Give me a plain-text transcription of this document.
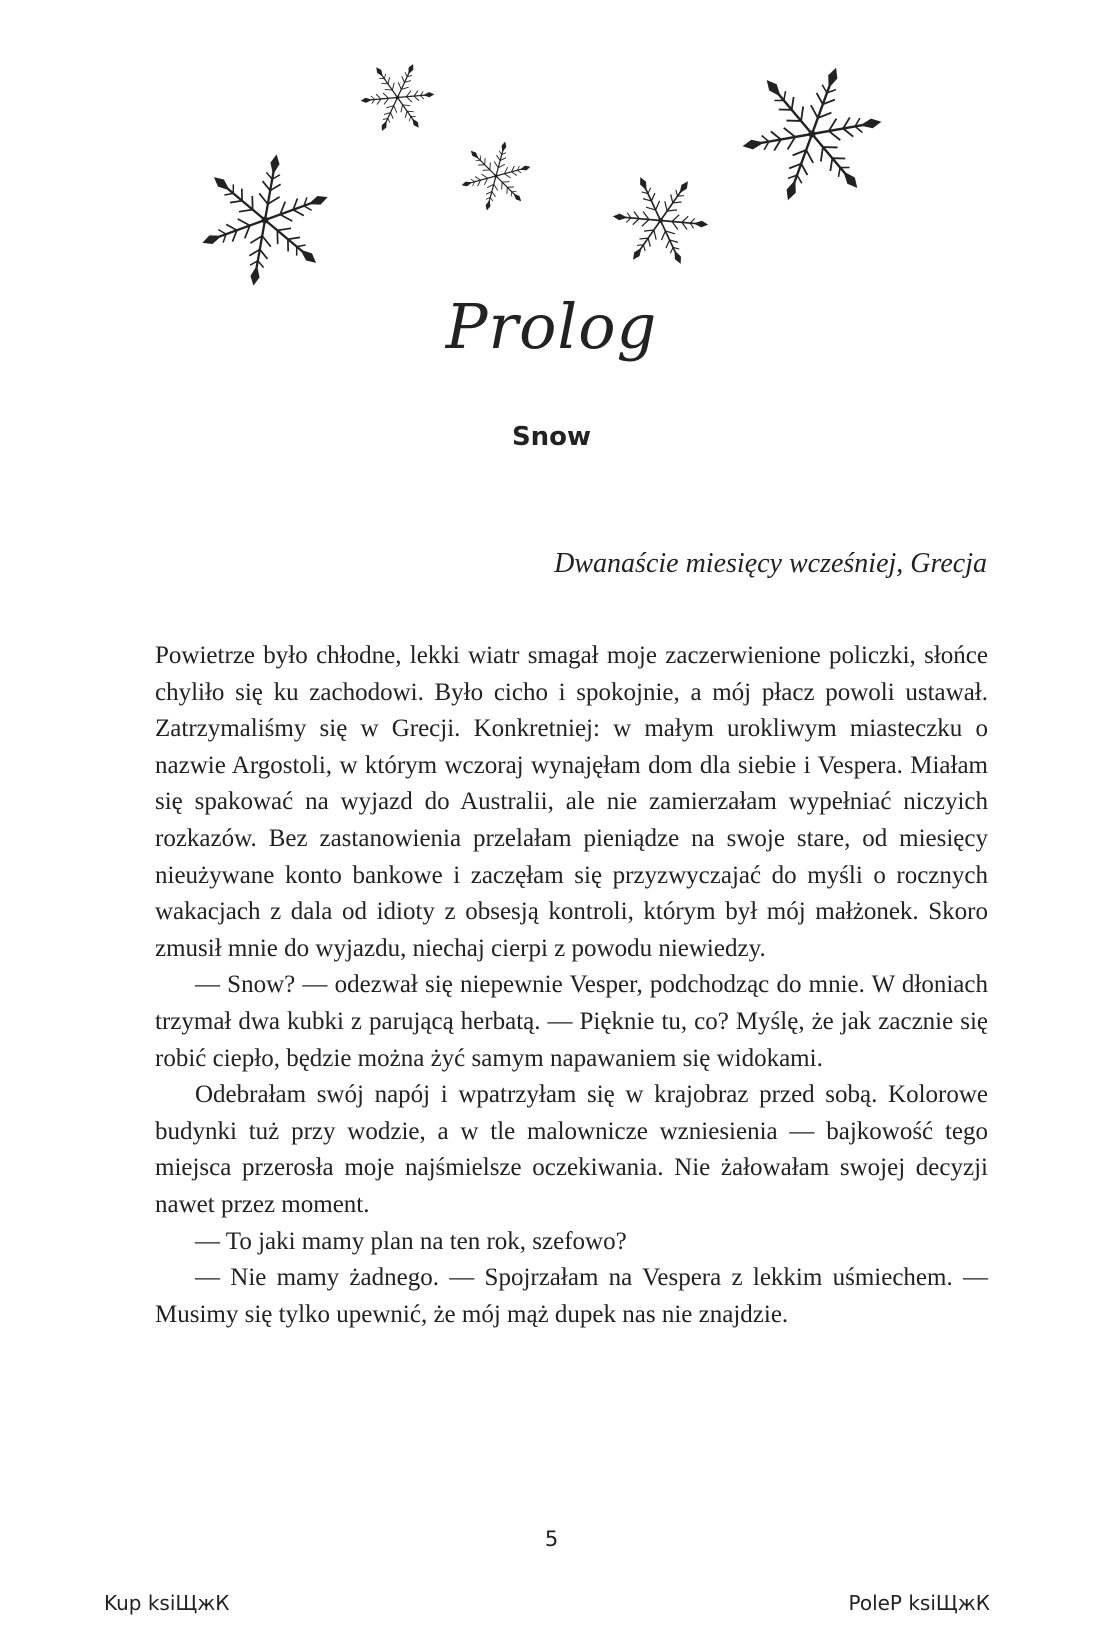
Prolog
Snow

Dwanaście miesięcy wcześniej, Grecja

Powietrze było chłodne, lekki wiatr smagał moje zaczerwienione policzki, słońce chyliło się ku zachodowi. Było cicho i spokojnie, a mój płacz powoli ustawał. Zatrzymaliśmy się w Grecji. Konkretniej: w małym urokliwym miasteczku o nazwie Argostoli, w którym wczoraj wynajęłam dom dla siebie i Vespera. Miałam się spakować na wyjazd do Australii, ale nie zamierzałam wypełniać niczyich rozkazów. Bez zastanowienia przelałam pieniądze na swoje stare, od miesięcy nieużywane konto bankowe i zaczęłam się przyzwyczajać do myśli o rocznych wakacjach z dala od idioty z obsesją kontroli, którym był mój małżonek. Skoro zmusił mnie do wyjazdu, niechaj cierpi z powodu niewiedzy.

— Snow? — odezwał się niepewnie Vesper, podchodząc do mnie. W dłoniach trzymał dwa kubki z parującą herbatą. — Pięknie tu, co? Myślę, że jak zacznie się robić ciepło, będzie można żyć samym napawaniem się widokami.

Odebrałam swój napój i wpatrzyłam się w krajobraz przed sobą. Kolorowe budynki tuż przy wodzie, a w tle malownicze wzniesienia — bajkowość tego miejsca przerosła moje najśmielsze oczekiwania. Nie żałowałam swojej decyzji nawet przez moment.

— To jaki mamy plan na ten rok, szefowo?

— Nie mamy żadnego. — Spojrzałam na Vespera z lekkim uśmiechem. — Musimy się tylko upewnić, że mój mąż dupek nas nie znajdzie.

5

Kup ksiЩжК	PoleР ksiЩжК
